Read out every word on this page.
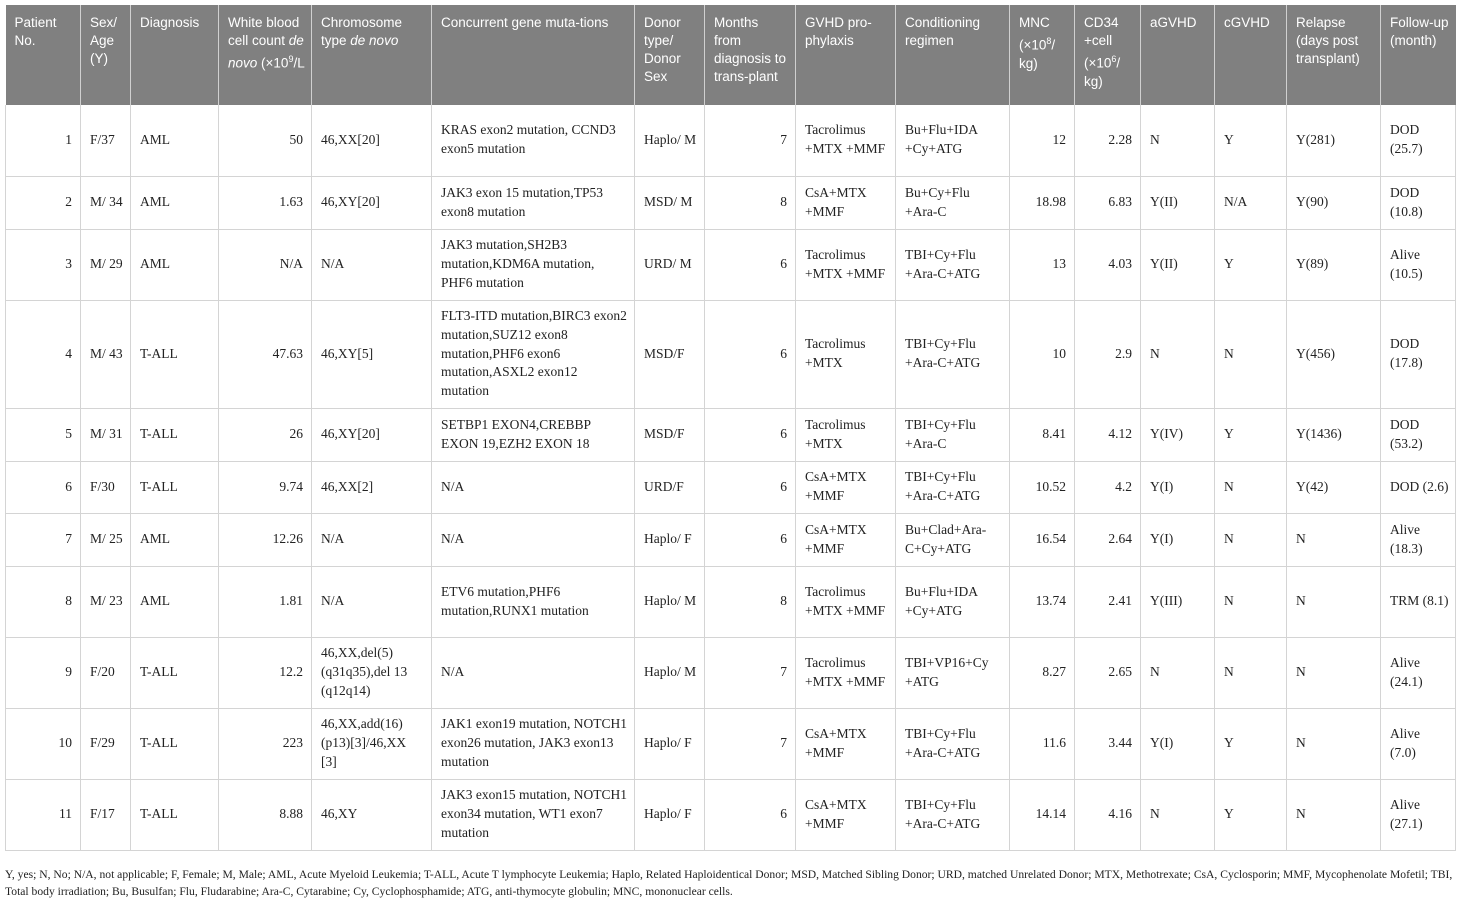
Patient No.	Sex/ Age (Y)	Diagnosis	White blood cell count de novo ($\times 10^9/L$	Chromosome type de novo	Concurrent gene muta-tions	Donor type/ Donor Sex	Months from diagnosis to trans-plant	GVHD pro-phylaxis	Conditioning regimen	MNC ($\times 10^8/$ kg)	CD34 +cell ($\times 10^6/$ kg)	aGVHD	cGVHD	Relapse (days post transplant)	Follow-up (month)
1	F/37	AML	50	46,XX[20]	KRAS exon2 mutation, CCND3 exon5 mutation	Haplo/ M	7	Tacrolimus +MTX +MMF	Bu+Flu+IDA +Cy+ATG	12	2.28	N	Y	Y(281)	DOD (25.7)
2	M/ 34	AML	1.63	46,XY[20]	JAK3 exon 15 mutation,TP53 exon8 mutation	MSD/ M	8	CsA+MTX +MMF	Bu+Cy+Flu +Ara-C	18.98	6.83	Y(II)	N/A	Y(90)	DOD (10.8)
3	M/ 29	AML	N/A	N/A	JAK3 mutation,SH2B3 mutation,KDM6A mutation, PHF6 mutation	URD/ M	6	Tacrolimus +MTX +MMF	TBI+Cy+Flu +Ara-C+ATG	13	4.03	Y(II)	Y	Y(89)	Alive (10.5)
4	M/ 43	T-ALL	47.63	46,XY[5]	FLT3-ITD mutation,BIRC3 exon2 mutation,SUZ12 exon8 mutation,PHF6 exon6 mutation,ASXL2 exon12 mutation	MSD/F	6	Tacrolimus +MTX	TBI+Cy+Flu +Ara-C+ATG	10	2.9	N	N	Y(456)	DOD (17.8)
5	M/ 31	T-ALL	26	46,XY[20]	SETBP1 EXON4,CREBBP EXON 19,EZH2 EXON 18	MSD/F	6	Tacrolimus +MTX	TBI+Cy+Flu +Ara-C	8.41	4.12	Y(IV)	Y	Y(1436)	DOD (53.2)
6	F/30	T-ALL	9.74	46,XX[2]	N/A	URD/F	6	CsA+MTX +MMF	TBI+Cy+Flu +Ara-C+ATG	10.52	4.2	Y(I)	N	Y(42)	DOD (2.6)
7	M/ 25	AML	12.26	N/A	N/A	Haplo/ F	6	CsA+MTX +MMF	Bu+Clad+Ara-C+Cy+ATG	16.54	2.64	Y(I)	N	N	Alive (18.3)
8	M/ 23	AML	1.81	N/A	ETV6 mutation,PHF6 mutation,RUNX1 mutation	Haplo/ M	8	Tacrolimus +MTX +MMF	Bu+Flu+IDA +Cy+ATG	13.74	2.41	Y(III)	N	N	TRM (8.1)
9	F/20	T-ALL	12.2	46,XX,del(5) (q31q35),del 13 (q12q14)	N/A	Haplo/ M	7	Tacrolimus +MTX +MMF	TBI+VP16+Cy +ATG	8.27	2.65	N	N	N	Alive (24.1)
10	F/29	T-ALL	223	46,XX,add(16) (p13)[3]/46,XX [3]	JAK1 exon19 mutation, NOTCH1 exon26 mutation, JAK3 exon13 mutation	Haplo/ F	7	CsA+MTX +MMF	TBI+Cy+Flu +Ara-C+ATG	11.6	3.44	Y(I)	Y	N	Alive (7.0)
11	F/17	T-ALL	8.88	46,XY	JAK3 exon15 mutation, NOTCH1 exon34 mutation, WT1 exon7 mutation	Haplo/ F	6	CsA+MTX +MMF	TBI+Cy+Flu +Ara-C+ATG	14.14	4.16	N	Y	N	Alive (27.1)
Y, yes; N, No; N/A, not applicable; F, Female; M, Male; AML, Acute Myeloid Leukemia; T-ALL, Acute T lymphocyte Leukemia; Haplo, Related Haploidentical Donor; MSD, Matched Sibling Donor; URD, matched Unrelated Donor; MTX, Methotrexate; CsA, Cyclosporin; MMF, Mycophenolate Mofetil; TBI, Total body irradiation; Bu, Busulfan; Flu, Fludarabine; Ara-C, Cytarabine; Cy, Cyclophosphamide; ATG, anti-thymocyte globulin; MNC, mononuclear cells.
